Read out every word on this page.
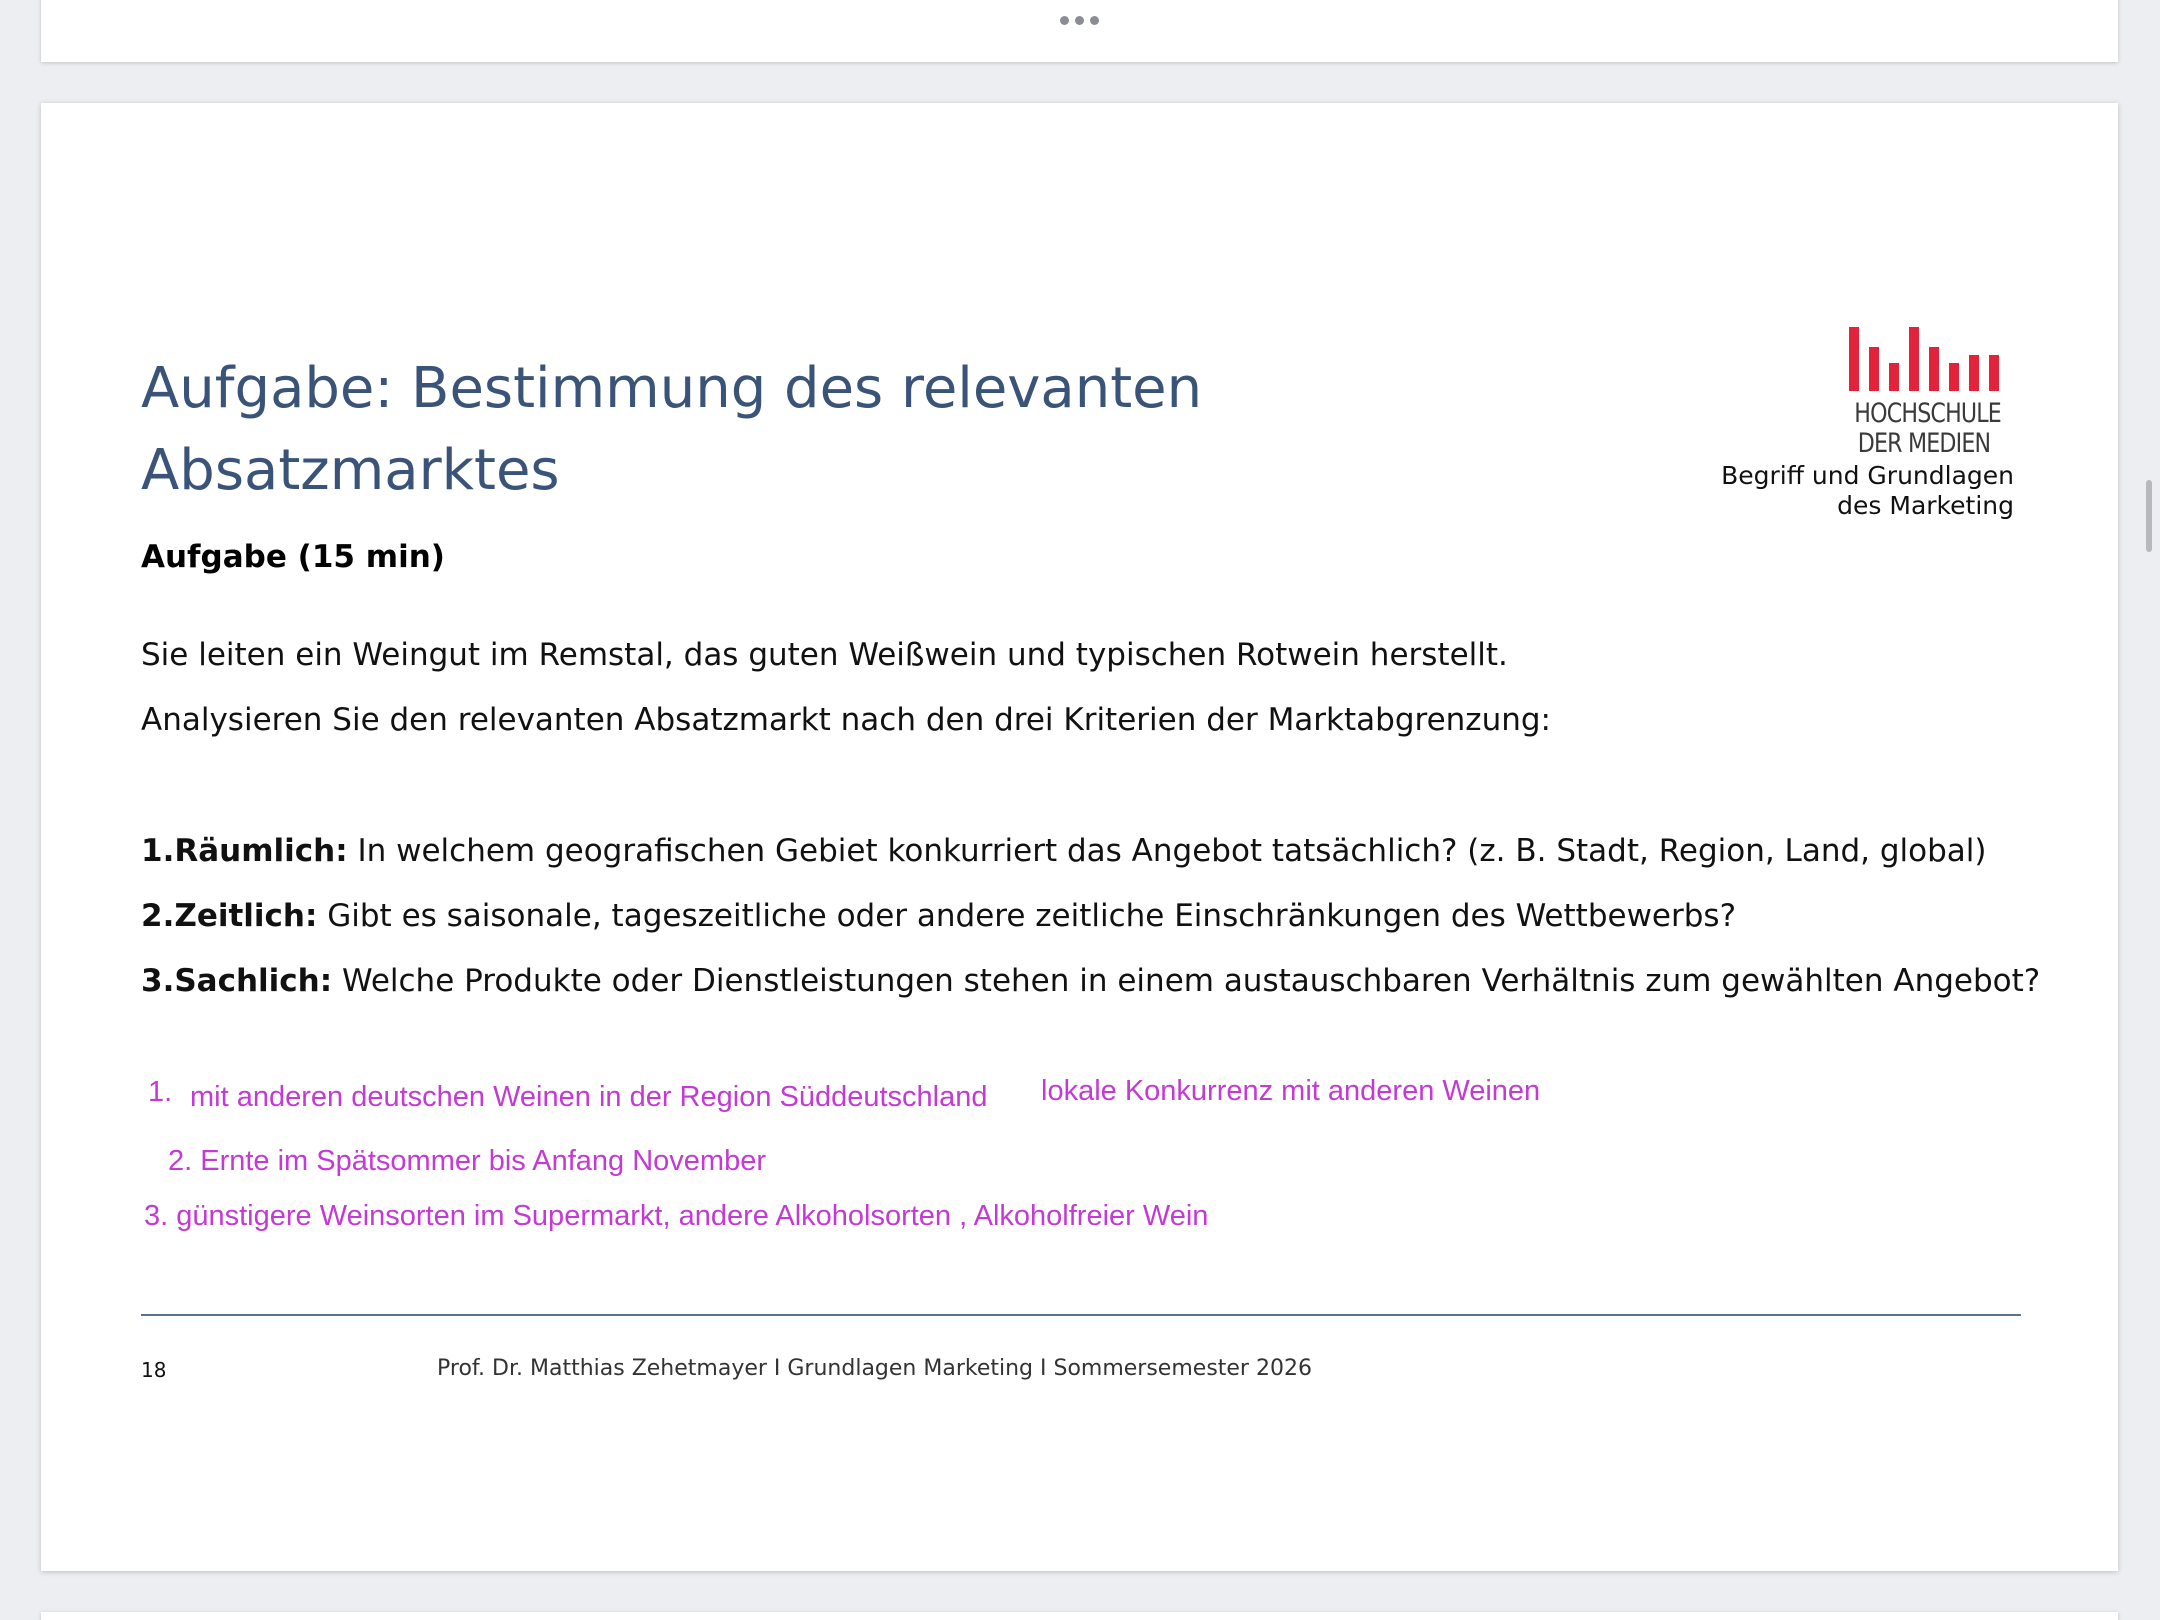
Aufgabe: Bestimmung des relevanten
Absatzmarktes
HOCHSCHULE
DER MEDIEN
Begriff und Grundlagen
des Marketing
Aufgabe (15 min)

Sie leiten ein Weingut im Remstal, das guten Weißwein und typischen Rotwein herstellt.

Analysieren Sie den relevanten Absatzmarkt nach den drei Kriterien der Marktabgrenzung:

1.Räumlich: In welchem geografischen Gebiet konkurriert das Angebot tatsächlich? (z. B. Stadt, Region, Land, global)

2.Zeitlich: Gibt es saisonale, tageszeitliche oder andere zeitliche Einschränkungen des Wettbewerbs?

3.Sachlich: Welche Produkte oder Dienstleistungen stehen in einem austauschbaren Verhältnis zum gewählten Angebot?

1. mit anderen deutschen Weinen in der Region Süddeutschland lokale Konkurrenz mit anderen Weinen
2. Ernte im Spätsommer bis Anfang November
3. günstigere Weinsorten im Supermarkt, andere Alkoholsorten , Alkoholfreier Wein
18	Prof. Dr. Matthias Zehetmayer I Grundlagen Marketing I Sommersemester 2026
